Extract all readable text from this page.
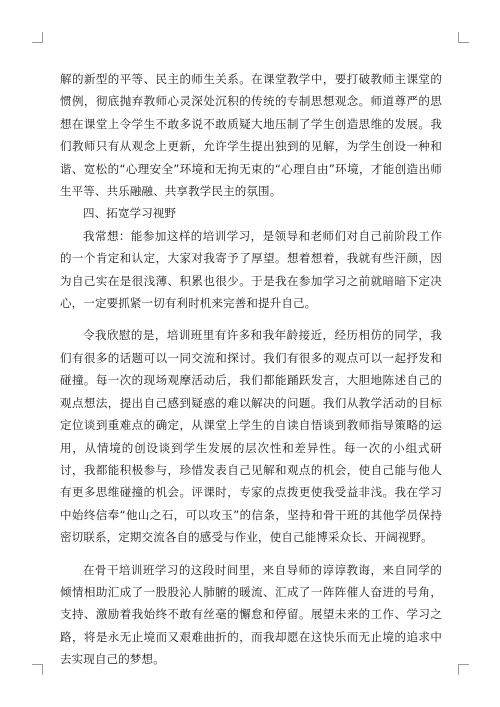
解的新型的平等、民主的师生关系。在课堂教学中，要打破教师主课堂的惯例，彻底抛弃教师心灵深处沉积的传统的专制思想观念。师道尊严的思想在课堂上令学生不敢多说不敢质疑大地压制了学生创造思维的发展。我们教师只有从观念上更新，允许学生提出独到的见解，为学生创设一种和谐、宽松的“心理安全”环境和无拘无束的“心理自由”环境，才能创造出师生平等、共乐融融、共享教学民主的氛围。

四、拓宽学习视野

我常想：能参加这样的培训学习，是领导和老师们对自己前阶段工作的一个肯定和认定，大家对我寄予了厚望。想着想着，我就有些汗颜，因为自己实在是很浅薄、积累也很少。于是我在参加学习之前就暗暗下定决心，一定要抓紧一切有利时机来完善和提升自己。

令我欣慰的是，培训班里有许多和我年龄接近，经历相仿的同学，我们有很多的话题可以一同交流和探讨。我们有很多的观点可以一起抒发和碰撞。每一次的现场观摩活动后，我们都能踊跃发言，大胆地陈述自己的观点想法，提出自己感到疑惑的难以解决的问题。我们从教学活动的目标定位谈到重难点的确定，从课堂上学生的自读自悟谈到教师指导策略的运用，从情境的创设谈到学生发展的层次性和差异性。每一次的小组式研讨，我都能积极参与，珍惜发表自己见解和观点的机会，使自己能与他人有更多思维碰撞的机会。评课时，专家的点拨更使我受益非浅。我在学习中始终信奉“他山之石，可以攻玉”的信条，坚持和骨干班的其他学员保持密切联系，定期交流各自的感受与作业，使自己能博采众长、开阔视野。

在骨干培训班学习的这段时间里，来自导师的谆谆教诲，来自同学的倾情相助汇成了一股股沁人肺腑的暖流、汇成了一阵阵催人奋进的号角，支持、激励着我始终不敢有丝毫的懈怠和停留。展望未来的工作、学习之路，将是永无止境而又艰难曲折的，而我却愿在这快乐而无止境的追求中去实现自己的梦想。
